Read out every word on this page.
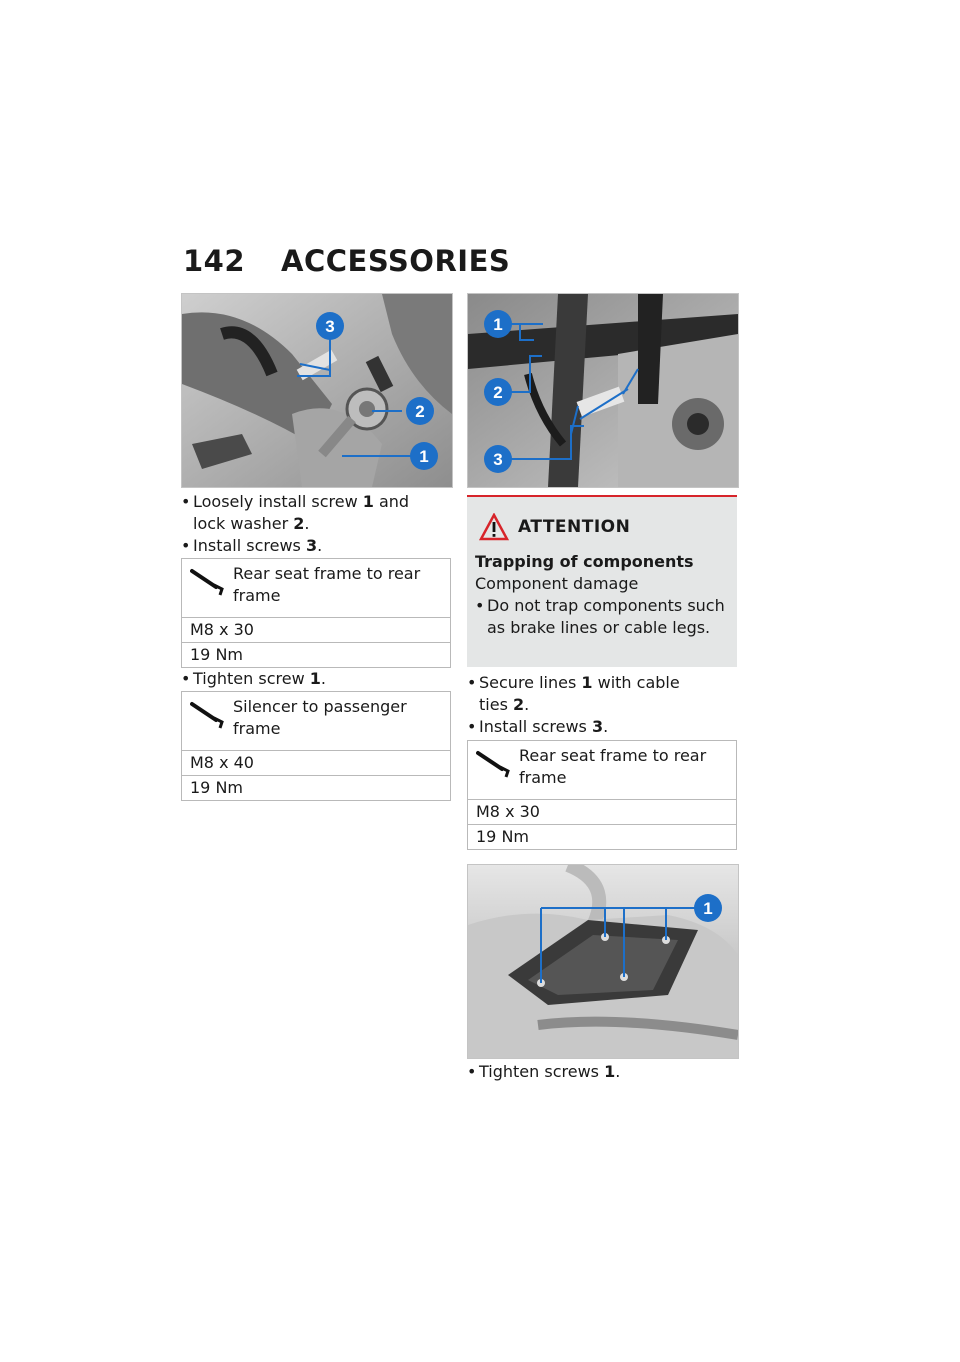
142 ACCESSORIES
3
2
1
• Loosely install screw 1 and
lock washer 2.
• Install screws 3.
Rear seat frame to rear frame
M8 x 30
19 Nm
• Tighten screw 1.
Silencer to passenger frame
M8 x 40
19 Nm
1
2
3
ATTENTION
Trapping of components
Component damage
• Do not trap components such as brake lines or cable legs.
• Secure lines 1 with cable
ties 2.
• Install screws 3.
Rear seat frame to rear frame
M8 x 30
19 Nm
1
• Tighten screws 1.
